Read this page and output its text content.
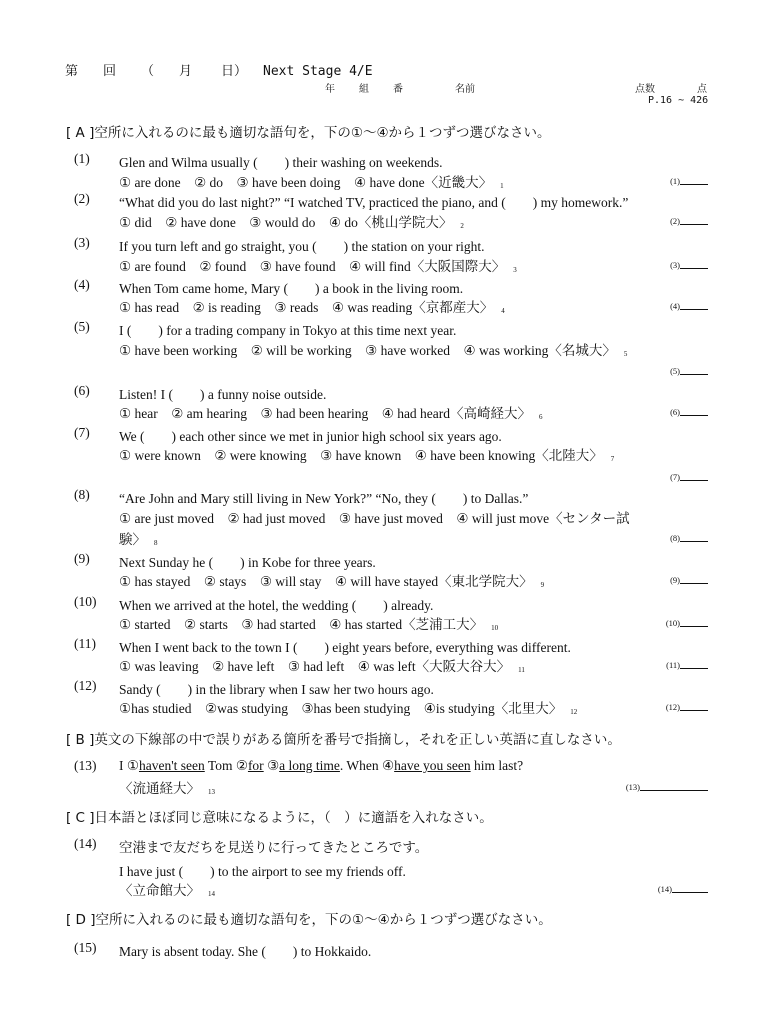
第 回 （ 月 日） Next Stage 4/E
年 組 番	名前	点数	点
P.16 ~ 426
[ A ]空所に入れるのに最も適切な語句を，下の①～④から１つずつ選びなさい。
(1) Glen and Wilma usually (　　) their washing on weekends.
① are done　② do　③ have been doing　④ have done〈近畿大〉 1	(1)
(2) “What did you do last night?” “I watched TV, practiced the piano, and (　　) my homework.”
① did　② have done　③ would do　④ do〈桃山学院大〉 2	(2)
(3) If you turn left and go straight, you (　　) the station on your right.
① are found　② found　③ have found　④ will find〈大阪国際大〉 3	(3)
(4) When Tom came home, Mary (　　) a book in the living room.
① has read　② is reading　③ reads　④ was reading〈京都産大〉 4	(4)
(5) I (　　) for a trading company in Tokyo at this time next year.
① have been working　② will be working　③ have worked　④ was working〈名城大〉 5
(5)
(6) Listen! I (　　) a funny noise outside.
① hear　② am hearing　③ had been hearing　④ had heard〈高崎経大〉 6	(6)
(7) We (　　) each other since we met in junior high school six years ago.
① were known　② were knowing　③ have known　④ have been knowing〈北陸大〉 7
(7)
(8) “Are John and Mary still living in New York?” “No, they (　　) to Dallas.”
① are just moved　② had just moved　③ have just moved　④ will just move〈センター試
験〉 8	(8)
(9) Next Sunday he (　　) in Kobe for three years.
① has stayed　② stays　③ will stay　④ will have stayed〈東北学院大〉 9	(9)
(10) When we arrived at the hotel, the wedding (　　) already.
① started　② starts　③ had started　④ has started〈芝浦工大〉 10	(10)
(11) When I went back to the town I (　　) eight years before, everything was different.
① was leaving　② have left　③ had left　④ was left〈大阪大谷大〉 11	(11)
(12) Sandy (　　) in the library when I saw her two hours ago.
①has studied　②was studying　③has been studying　④is studying〈北里大〉 12	(12)
[ B ]英文の下線部の中で誤りがある箇所を番号で指摘し，それを正しい英語に直しなさい。
(13) I ①haven't seen Tom ②for ③a long time. When ④have you seen him last?
〈流通経大〉 13	(13)
[ C ]日本語とほぼ同じ意味になるように，（　）に適語を入れなさい。
(14) 空港まで友だちを見送りに行ってきたところです。
I have just (　　) to the airport to see my friends off.
〈立命館大〉 14	(14)
[ D ]空所に入れるのに最も適切な語句を，下の①～④から１つずつ選びなさい。
(15) Mary is absent today. She (　　) to Hokkaido.
